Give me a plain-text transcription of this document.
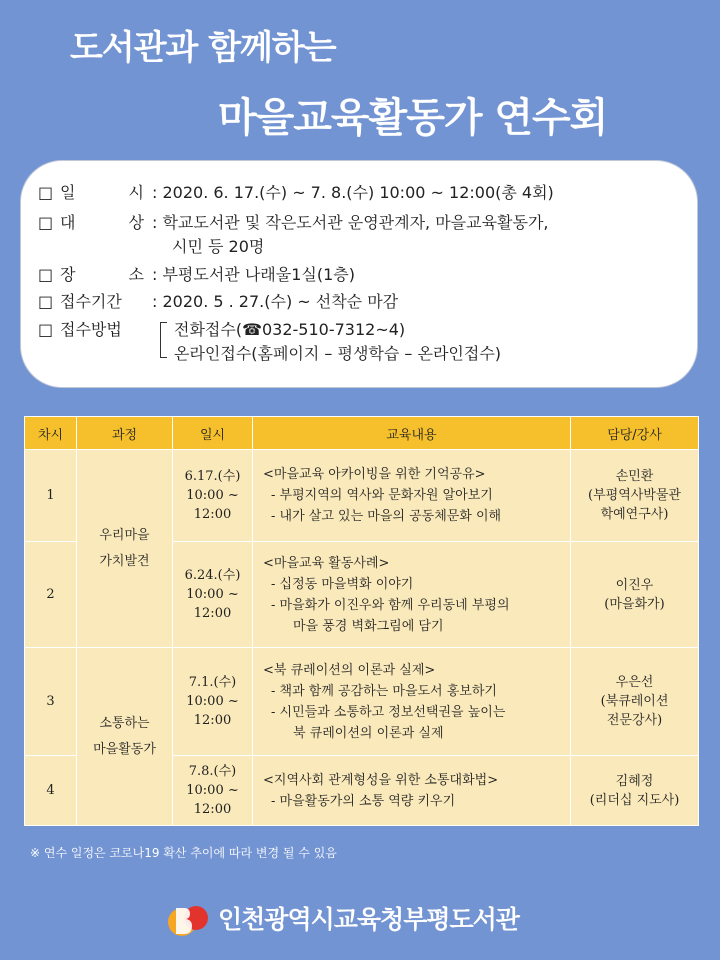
도서관과 함께하는
마을교육활동가 연수회
□ 일 시
: 2020. 6. 17.(수) ~ 7. 8.(수) 10:00 ~ 12:00(총 4회)
□ 대 상
: 학교도서관 및 작은도서관 운영관계자, 마을교육활동가,
시민 등 20명
□ 장 소
: 부평도서관 나래울1실(1층)
□ 접수기간	: 2020. 5 . 27.(수) ~ 선착순 마감
□ 접수방법	전화접수(☎032-510-7312~4)
온라인접수(홈페이지 – 평생학습 – 온라인접수)
차시	과정	일시	교육내용	담당/강사
1	우리마을
가치발견	6.17.(수)
10:00 ~
12:00	<마을교육 아카이빙을 위한 기억공유>
- 부평지역의 역사와 문화자원 알아보기
- 내가 살고 있는 마을의 공동체문화 이해	손민환
(부평역사박물관
학예연구사)

2		6.24.(수)
10:00 ~
12:00	<마을교육 활동사례>
- 십정동 마을벽화 이야기
- 마을화가 이진우와 함께 우리동네 부평의
마을 풍경 벽화그림에 담기	이진우
(마을화가)

3	소통하는
마을활동가	7.1.(수)
10:00 ~
12:00	<북 큐레이션의 이론과 실제>
- 책과 함께 공감하는 마을도서 홍보하기
- 시민들과 소통하고 정보선택권을 높이는
북 큐레이션의 이론과 실제	우은선
(북큐레이션
전문강사)

4		7.8.(수)
10:00 ~
12:00	<지역사회 관계형성을 위한 소통대화법>
- 마을활동가의 소통 역량 키우기	김혜정
(리더십 지도사)
※ 연수 일정은 코로나19 확산 추이에 따라 변경 될 수 있음
인천광역시교육청부평도서관
